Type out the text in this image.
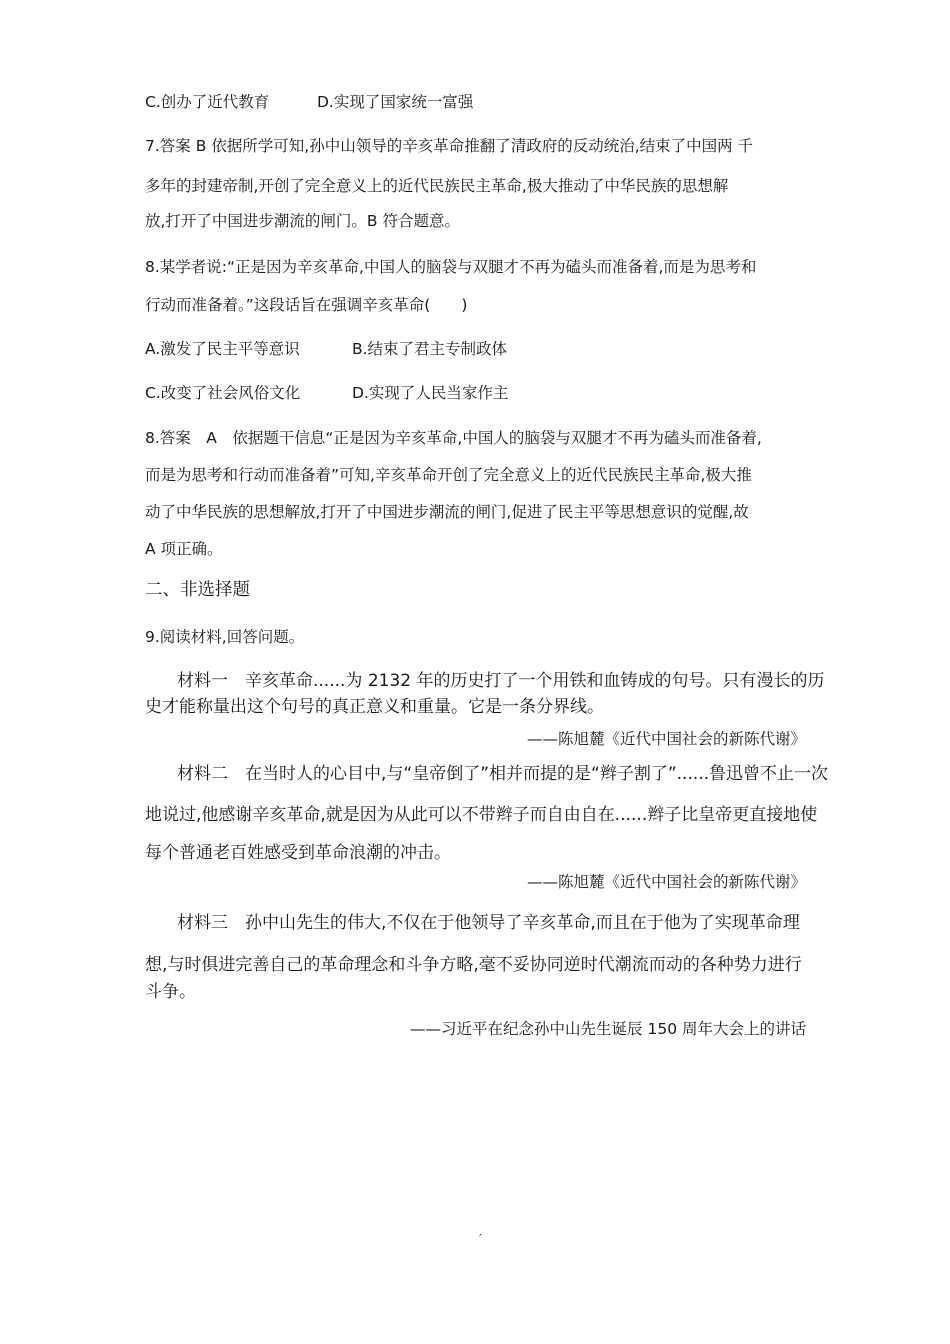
C.创办了近代教育	D.实现了国家统一富强
7.答案 B 依据所学可知,孙中山领导的辛亥革命推翻了清政府的反动统治,结束了中国两 千
多年的封建帝制,开创了完全意义上的近代民族民主革命,极大推动了中华民族的思想解
放,打开了中国进步潮流的闸门。B 符合题意。
8.某学者说:“正是因为辛亥革命,中国人的脑袋与双腿才不再为磕头而准备着,而是为思考和
行动而准备着。”这段话旨在强调辛亥革命(　　)
A.激发了民主平等意识	B.结束了君主专制政体
C.改变了社会风俗文化	D.实现了人民当家作主
8.答案　A　依据题干信息“正是因为辛亥革命,中国人的脑袋与双腿才不再为磕头而准备着,
而是为思考和行动而准备着”可知,辛亥革命开创了完全意义上的近代民族民主革命,极大推
动了中华民族的思想解放,打开了中国进步潮流的闸门,促进了民主平等思想意识的觉醒,故
A 项正确。
二、非选择题
9.阅读材料,回答问题。
材料一　辛亥革命......为 2132 年的历史打了一个用铁和血铸成的句号。只有漫长的历
史才能称量出这个句号的真正意义和重量。它是一条分界线。
——陈旭麓《近代中国社会的新陈代谢》
材料二　在当时人的心目中,与“皇帝倒了”相并而提的是“辫子割了”......鲁迅曾不止一次
地说过,他感谢辛亥革命,就是因为从此可以不带辫子而自由自在......辫子比皇帝更直接地使
每个普通老百姓感受到革命浪潮的冲击。
——陈旭麓《近代中国社会的新陈代谢》
材料三　孙中山先生的伟大,不仅在于他领导了辛亥革命,而且在于他为了实现革命理
想,与时俱进完善自己的革命理念和斗争方略,毫不妥协同逆时代潮流而动的各种势力进行
斗争。
——习近平在纪念孙中山先生诞辰 150 周年大会上的讲话
′
